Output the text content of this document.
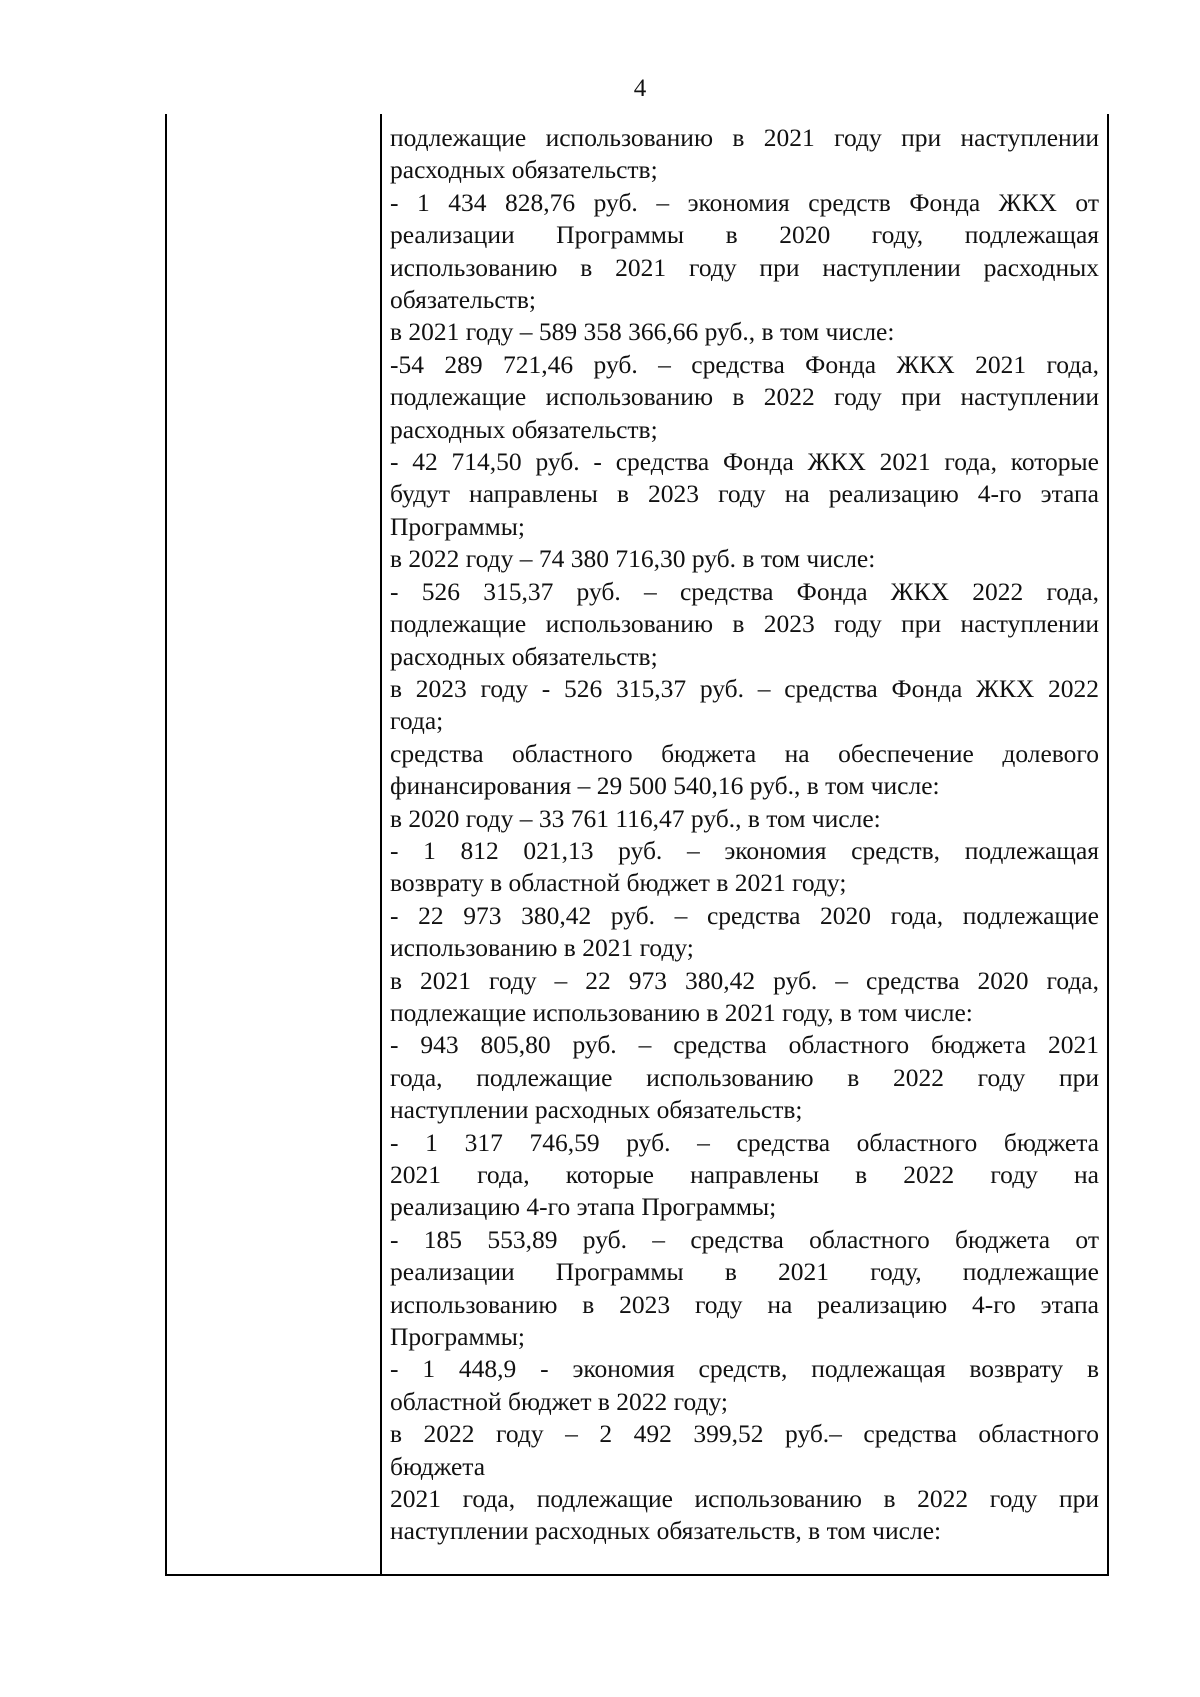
4

подлежащие использованию в 2021 году при наступлении
расходных обязательств;
- 1 434 828,76 руб. – экономия средств Фонда ЖКХ от
реализации Программы в 2020 году, подлежащая
использованию в 2021 году при наступлении расходных
обязательств;
в 2021 году – 589 358 366,66 руб., в том числе:
-54 289 721,46 руб. – средства Фонда ЖКХ 2021 года,
подлежащие использованию в 2022 году при наступлении
расходных обязательств;
- 42 714,50 руб. - средства Фонда ЖКХ 2021 года, которые
будут направлены в 2023 году на реализацию 4-го этапа
Программы;
в 2022 году – 74 380 716,30 руб. в том числе:
- 526 315,37 руб. – средства Фонда ЖКХ 2022 года,
подлежащие использованию в 2023 году при наступлении
расходных обязательств;
в 2023 году - 526 315,37 руб. – средства Фонда ЖКХ 2022
года;
средства областного бюджета на обеспечение долевого
финансирования – 29 500 540,16 руб., в том числе:
в 2020 году – 33 761 116,47 руб., в том числе:
- 1 812 021,13 руб. – экономия средств, подлежащая
возврату в областной бюджет в 2021 году;
- 22 973 380,42 руб. – средства 2020 года, подлежащие
использованию в 2021 году;
в 2021 году – 22 973 380,42 руб. – средства 2020 года,
подлежащие использованию в 2021 году, в том числе:
- 943 805,80 руб. – средства областного бюджета 2021
года, подлежащие использованию в 2022 году при
наступлении расходных обязательств;
- 1 317 746,59 руб. – средства областного бюджета
2021 года, которые направлены в 2022 году на
реализацию 4-го этапа Программы;
- 185 553,89 руб. – средства областного бюджета от
реализации Программы в 2021 году, подлежащие
использованию в 2023 году на реализацию 4-го этапа
Программы;
- 1 448,9 - экономия средств, подлежащая возврату в
областной бюджет в 2022 году;
в 2022 году – 2 492 399,52 руб.– средства областного
бюджета
2021 года, подлежащие использованию в 2022 году при
наступлении расходных обязательств, в том числе:
